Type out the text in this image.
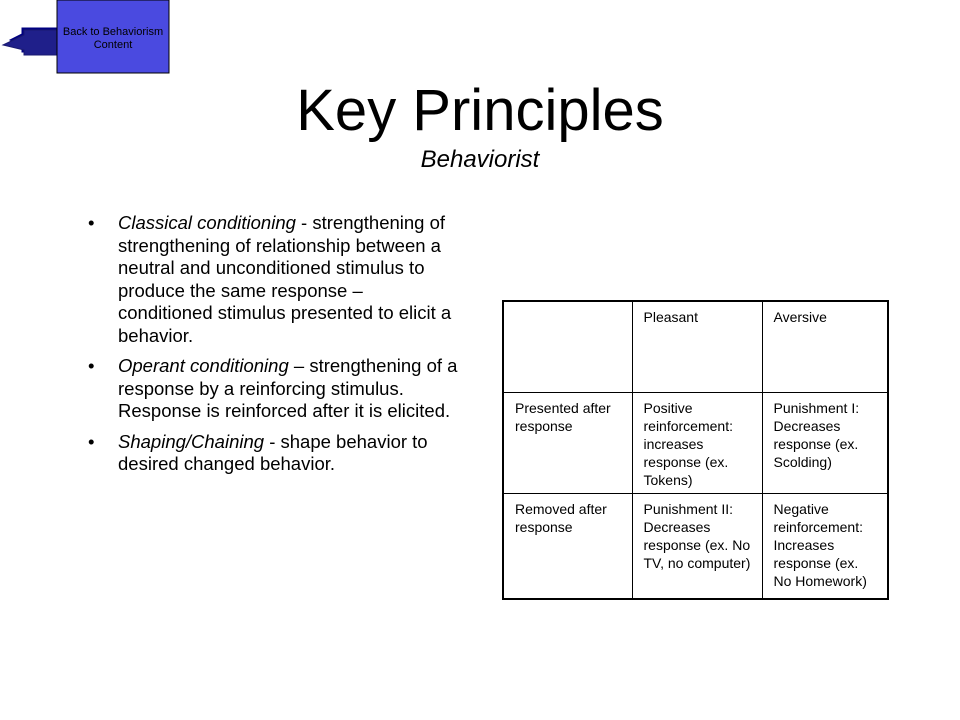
Back to Behaviorism Content
Key Principles
Behaviorist
• Classical conditioning - strengthening of strengthening of relationship between a neutral and unconditioned stimulus to produce the same response – conditioned stimulus presented to elicit a behavior.
• Operant conditioning – strengthening of a response by a reinforcing stimulus. Response is reinforced after it is elicited.
• Shaping/Chaining - shape behavior to desired changed behavior.
	Pleasant	Aversive
Presented after response	Positive reinforcement: increases response (ex. Tokens)	Punishment I: Decreases response (ex. Scolding)
Removed after response	Punishment II: Decreases response (ex. No TV, no computer)	Negative reinforcement: Increases response (ex. No Homework)
